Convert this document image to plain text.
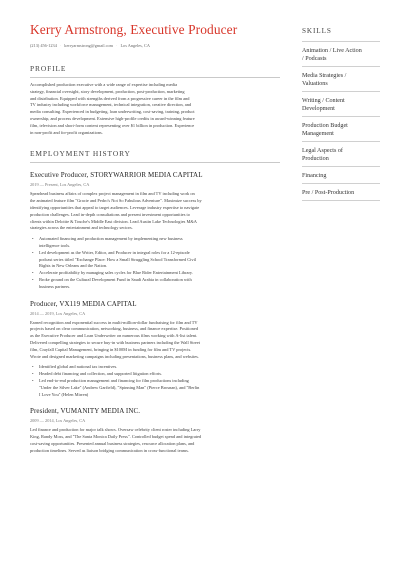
Kerry Armstrong, Executive Producer
(213) 456-1234 · kerryarmstrong@gmail.com · Los Angeles, CA
PROFILE

Accomplished production executive with a wide range of expertise including media
strategy, financial oversight, story development, production, post-production, marketing
and distribution. Equipped with strengths derived from a progressive career in the film and
TV industry including workforce management, technical integration, creative direction, and
media consulting. Experienced in budgeting, loan underwriting, cost-saving, training, product
ownership, and process development. Extensive high-profile credits in award-winning feature
film, television and short-form content representing over $1 billion in production. Experience
in non-profit and for-profit organizations.

EMPLOYMENT HISTORY
Executive Producer, STORYWARRIOR MEDIA CAPITAL
2019 — Present, Los Angeles, CA

Spearhead business affairs of complex project management in film and TV including work on
the animated feature film "Gracie and Pedro's Not So Fabulous Adventure". Maximize success by
identifying opportunities that appeal to target audiences. Leverage industry expertise to navigate
production challenges. Lead in-depth consultations and present investment opportunities to
clients within Deloitte & Touche's Middle East division. Lead Austin Lake Technologies M&A
strategies across the entertainment and technology sectors.

• Automated financing and production management by implementing new business
intelligence tools.
• Led development as the Writer, Editor, and Producer in integral roles for a 12-episode
podcast series titled "Exchange Place: How a Small Struggling School Transformed Civil
Rights in New Orleans and the Nation.
• Accelerate profitability by managing sales cycles for Blue Rider Entertainment Library.
• Broke ground on the Cultural Development Fund in Saudi Arabia in collaboration with
business partners.
Producer, VX119 MEDIA CAPITAL
2014 — 2019, Los Angeles, CA

Earned recognition and exponential success in multi-million-dollar fundraising for film and TV
projects based on clear communication, networking, business, and finance expertise. Positioned
as the Executive Producer and Loan Underwriter on numerous films working with A-list talent.
Delivered compelling strategies to secure buy-in with business partners including the Wall Street
film, Crayfall Capital Management, bringing in $100M in funding for film and TV projects.
Wrote and designed marketing campaigns including presentations, business plans, and websites.

• Identified global and national tax incentives.
• Headed debt financing and collection, and supported litigation efforts.
• Led end-to-end production management and financing for film productions including
"Under the Silver Lake" (Andrew Garfield), "Spinning Man" (Pierce Brosnan), and "Berlin
I Love You" (Helen Mirren)
President, VUMANITY MEDIA INC.
2009 — 2014, Los Angeles, CA

Led finance and production for major talk shows. Oversaw celebrity client roster including Larry
King, Randy Moss, and "The Santa Monica Daily Press". Controlled budget spend and integrated
cost-saving opportunities. Presented annual business strategies, resource allocation plans, and
production timelines. Served as liaison bridging communication in cross-functional teams.

SKILLS
Animation / Live Action
/ Podcasts
Media Strategies /
Valuations
Writing / Content
Development
Production Budget
Management
Legal Aspects of
Production
Financing
Pre / Post-Production
